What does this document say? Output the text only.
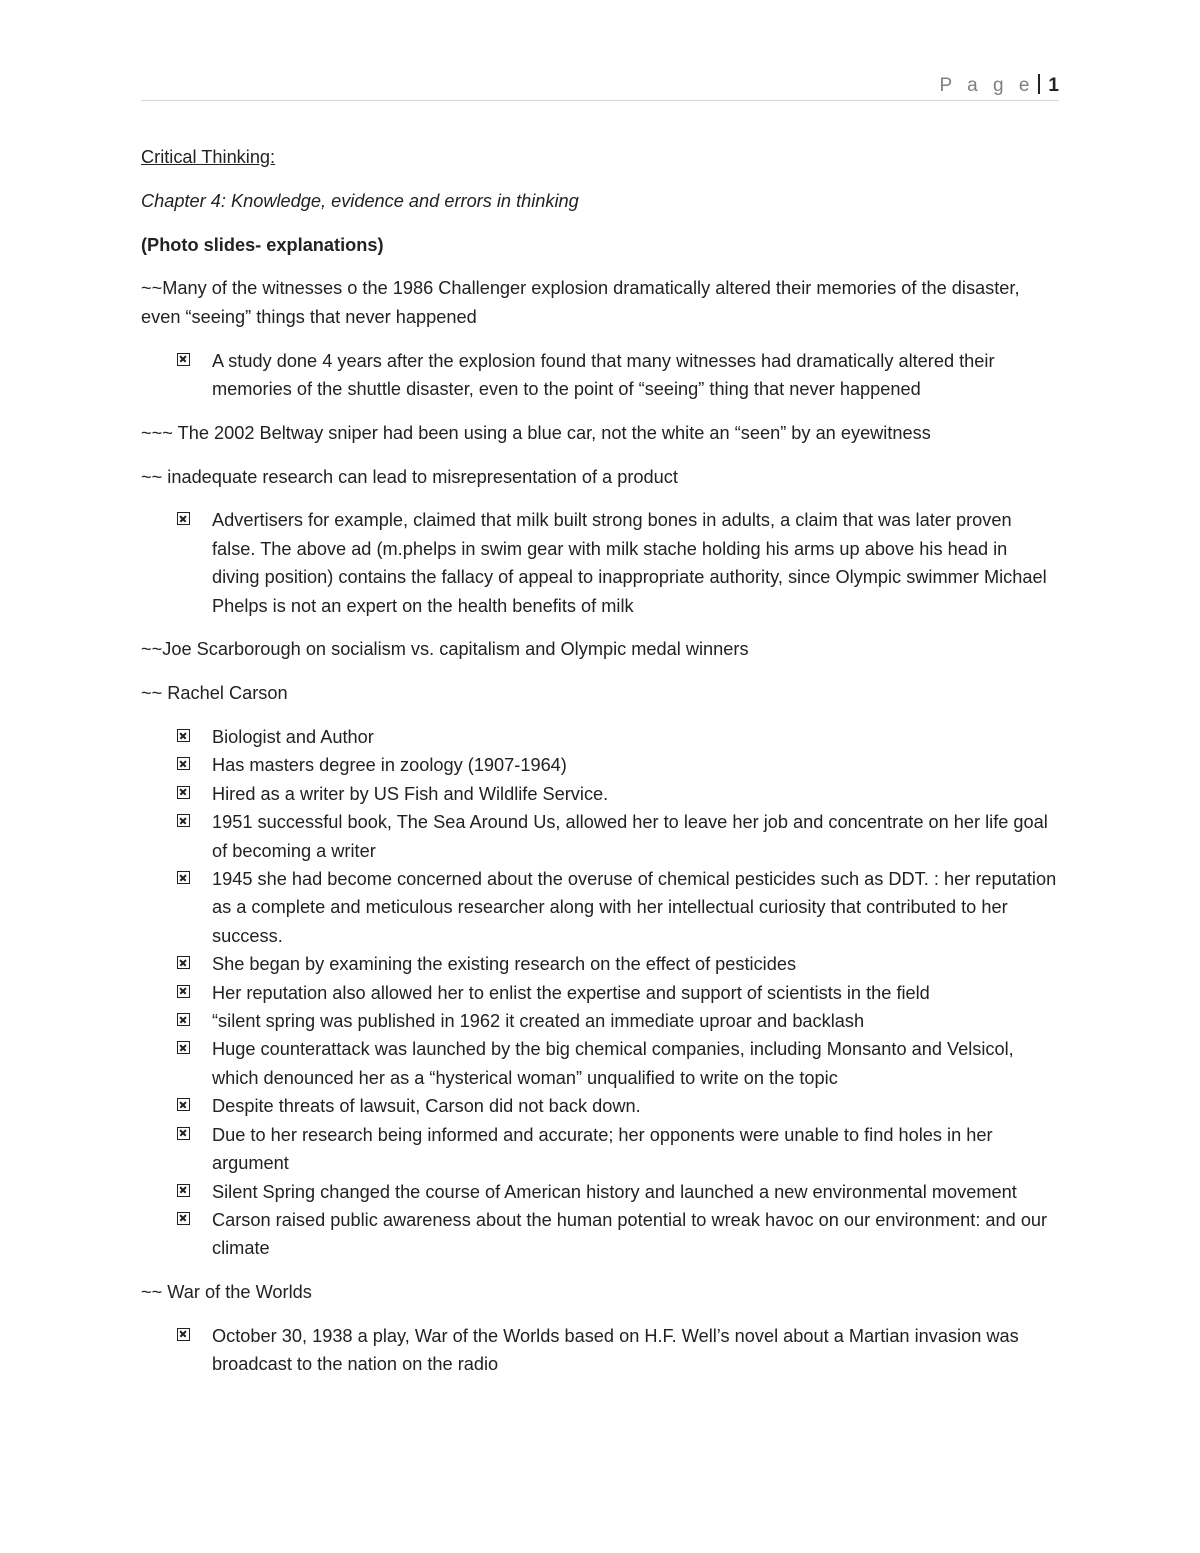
P a g e 1

Critical Thinking:

Chapter 4: Knowledge, evidence and errors in thinking

(Photo slides- explanations)

~~Many of the witnesses o the 1986 Challenger explosion dramatically altered their memories of the disaster, even “seeing” things that never happened

A study done 4 years after the explosion found that many witnesses had dramatically altered their memories of the shuttle disaster, even to the point of “seeing” thing that never happened

~~~ The 2002 Beltway sniper had been using a blue car, not the white an “seen” by an eyewitness

~~ inadequate research can lead to misrepresentation of a product

Advertisers for example, claimed that milk built strong bones in adults, a claim that was later proven false. The above ad (m.phelps in swim gear with milk stache holding his arms up above his head in diving position) contains the fallacy of appeal to inappropriate authority, since Olympic swimmer Michael Phelps is not an expert on the health benefits of milk

~~Joe Scarborough on socialism vs. capitalism and Olympic medal winners

~~ Rachel Carson

Biologist and Author
Has masters degree in zoology (1907-1964)
Hired as a writer by US Fish and Wildlife Service.
1951 successful book, The Sea Around Us, allowed her to leave her job and concentrate on her life goal of becoming a writer
1945 she had become concerned about the overuse of chemical pesticides such as DDT. : her reputation as a complete and meticulous researcher along with her intellectual curiosity that contributed to her success.
She began by examining the existing research on the effect of pesticides
Her reputation also allowed her to enlist the expertise and support of scientists in the field
“silent spring was published in 1962 it created an immediate uproar and backlash
Huge counterattack was launched by the big chemical companies, including Monsanto and Velsicol, which denounced her as a “hysterical woman” unqualified to write on the topic
Despite threats of lawsuit, Carson did not back down.
Due to her research being informed and accurate; her opponents were unable to find holes in her argument
Silent Spring changed the course of American history and launched a new environmental movement
Carson raised public awareness about the human potential to wreak havoc on our environment: and our climate

~~ War of the Worlds

October 30, 1938 a play, War of the Worlds based on H.F. Well’s novel about a Martian invasion was broadcast to the nation on the radio
